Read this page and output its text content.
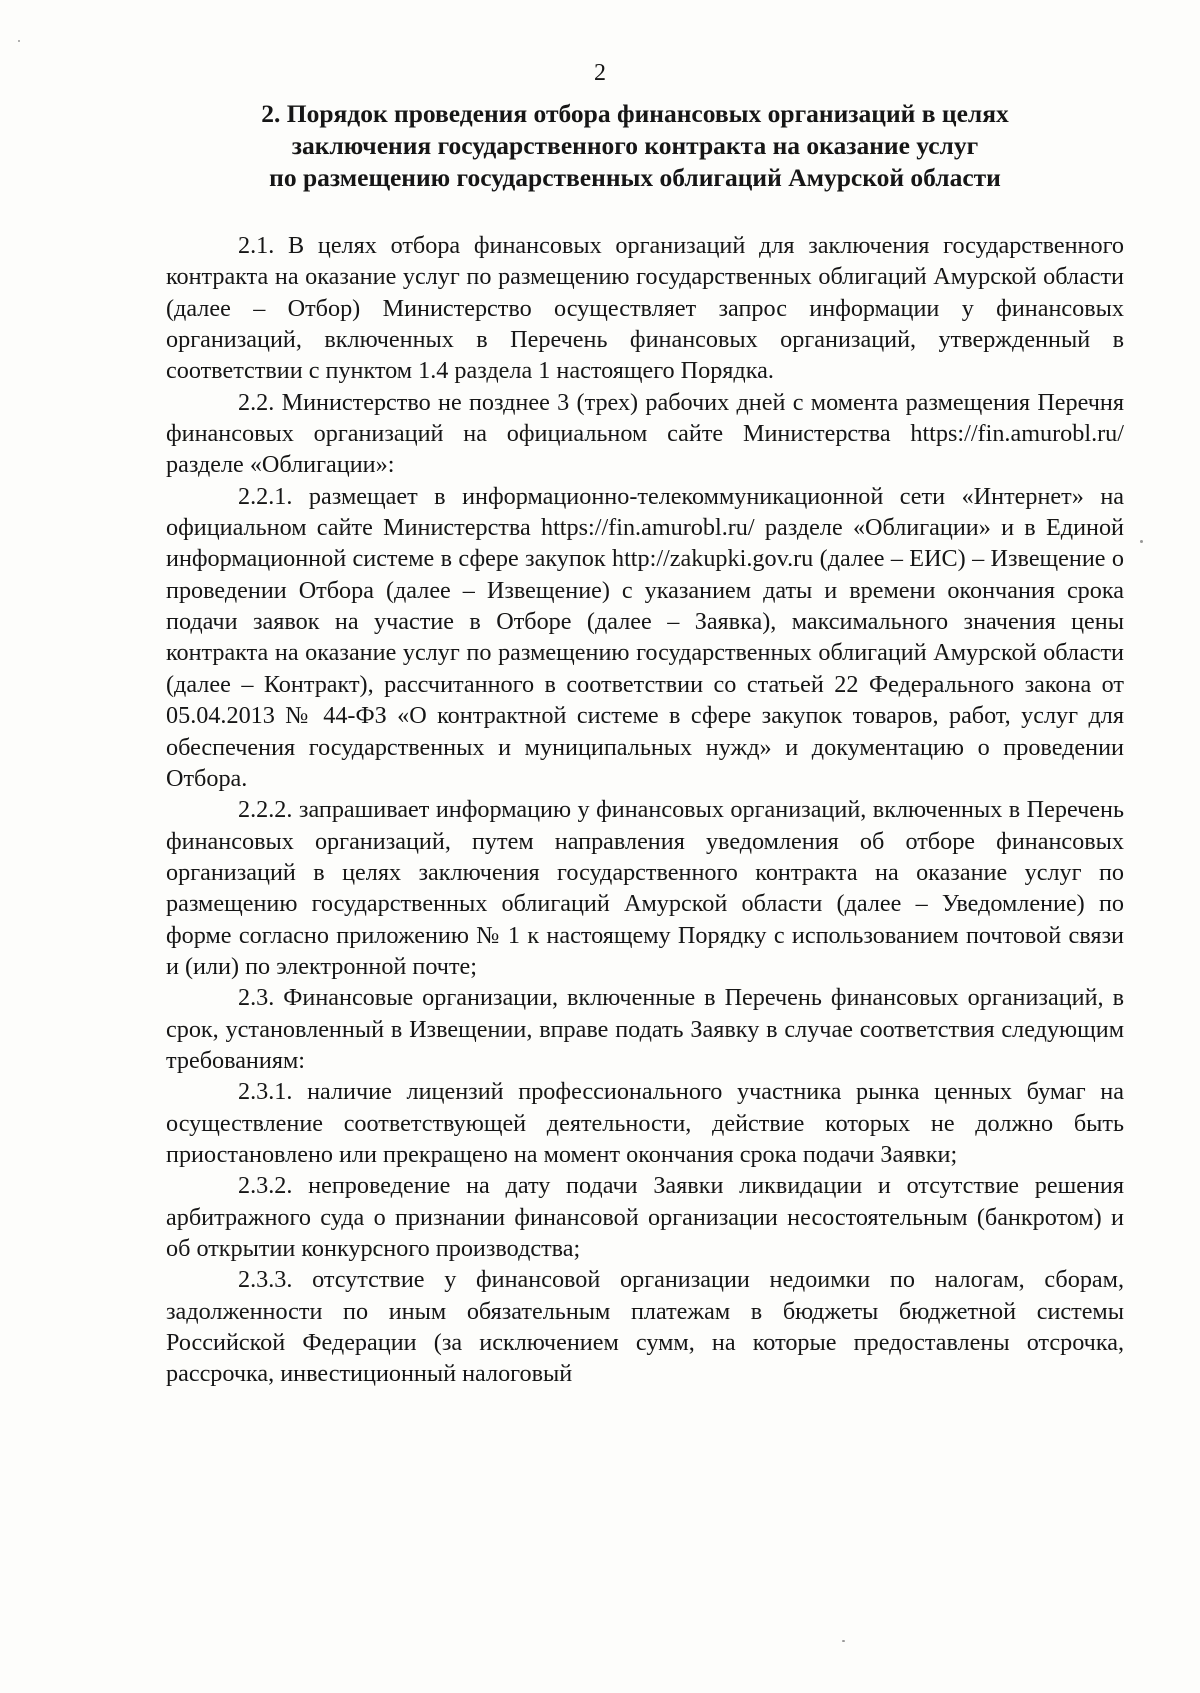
2
2. Порядок проведения отбора финансовых организаций в целях
заключения государственного контракта на оказание услуг
по размещению государственных облигаций Амурской области

2.1. В целях отбора финансовых организаций для заключения государственного контракта на оказание услуг по размещению государственных облигаций Амурской области (далее – Отбор) Министерство осуществляет запрос информации у финансовых организаций, включенных в Перечень финансовых организаций, утвержденный в соответствии с пунктом 1.4 раздела 1 настоящего Порядка.

2.2. Министерство не позднее 3 (трех) рабочих дней с момента размещения Перечня финансовых организаций на официальном сайте Министерства https://fin.amurobl.ru/ разделе «Облигации»:

2.2.1. размещает в информационно-телекоммуникационной сети «Интернет» на официальном сайте Министерства https://fin.amurobl.ru/ разделе «Облигации» и в Единой информационной системе в сфере закупок http://zakupki.gov.ru (далее – ЕИС) – Извещение о проведении Отбора (далее – Извещение) с указанием даты и времени окончания срока подачи заявок на участие в Отборе (далее – Заявка), максимального значения цены контракта на оказание услуг по размещению государственных облигаций Амурской области (далее – Контракт), рассчитанного в соответствии со статьей 22 Федерального закона от 05.04.2013 № 44-ФЗ «О контрактной системе в сфере закупок товаров, работ, услуг для обеспечения государственных и муниципальных нужд» и документацию о проведении Отбора.

2.2.2. запрашивает информацию у финансовых организаций, включенных в Перечень финансовых организаций, путем направления уведомления об отборе финансовых организаций в целях заключения государственного контракта на оказание услуг по размещению государственных облигаций Амурской области (далее – Уведомление) по форме согласно приложению № 1 к настоящему Порядку с использованием почтовой связи и (или) по электронной почте;

2.3. Финансовые организации, включенные в Перечень финансовых организаций, в срок, установленный в Извещении, вправе подать Заявку в случае соответствия следующим требованиям:

2.3.1. наличие лицензий профессионального участника рынка ценных бумаг на осуществление соответствующей деятельности, действие которых не должно быть приостановлено или прекращено на момент окончания срока подачи Заявки;

2.3.2. непроведение на дату подачи Заявки ликвидации и отсутствие решения арбитражного суда о признании финансовой организации несостоятельным (банкротом) и об открытии конкурсного производства;

2.3.3. отсутствие у финансовой организации недоимки по налогам, сборам, задолженности по иным обязательным платежам в бюджеты бюджетной системы Российской Федерации (за исключением сумм, на которые предоставлены отсрочка, рассрочка, инвестиционный налоговый
